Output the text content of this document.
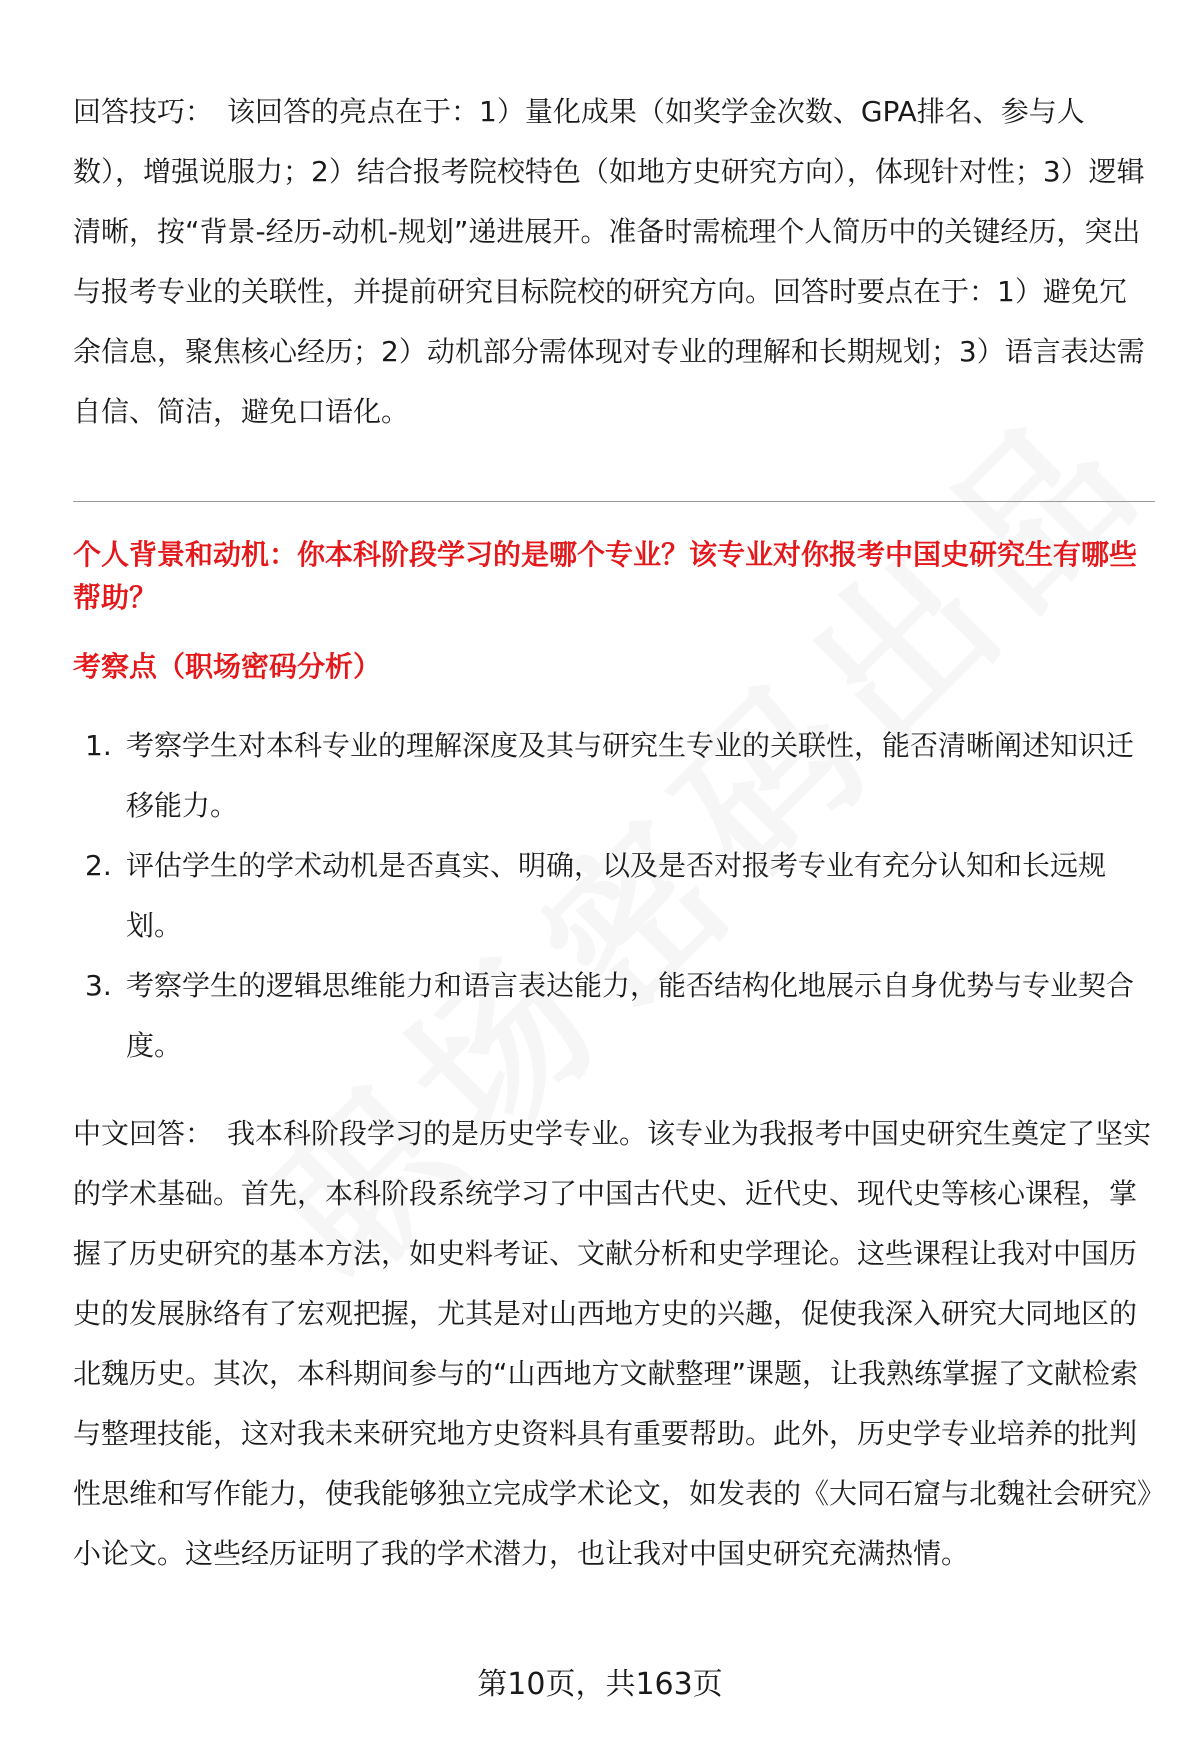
回答技巧： 该回答的亮点在于：1）量化成果（如奖学金次数、GPA排名、参与人数），增强说服力；2）结合报考院校特色（如地方史研究方向），体现针对性；3）逻辑清晰，按“背景-经历-动机-规划”递进展开。准备时需梳理个人简历中的关键经历，突出与报考专业的关联性，并提前研究目标院校的研究方向。回答时要点在于：1）避免冗余信息，聚焦核心经历；2）动机部分需体现对专业的理解和长期规划；3）语言表达需自信、简洁，避免口语化。

个人背景和动机：你本科阶段学习的是哪个专业？该专业对你报考中国史研究生有哪些帮助？

考察点（职场密码分析）

1. 考察学生对本科专业的理解深度及其与研究生专业的关联性，能否清晰阐述知识迁移能力。
2. 评估学生的学术动机是否真实、明确，以及是否对报考专业有充分认知和长远规划。
3. 考察学生的逻辑思维能力和语言表达能力，能否结构化地展示自身优势与专业契合度。

中文回答： 我本科阶段学习的是历史学专业。该专业为我报考中国史研究生奠定了坚实的学术基础。首先，本科阶段系统学习了中国古代史、近代史、现代史等核心课程，掌握了历史研究的基本方法，如史料考证、文献分析和史学理论。这些课程让我对中国历史的发展脉络有了宏观把握，尤其是对山西地方史的兴趣，促使我深入研究大同地区的北魏历史。其次，本科期间参与的“山西地方文献整理”课题，让我熟练掌握了文献检索与整理技能，这对我未来研究地方史资料具有重要帮助。此外，历史学专业培养的批判性思维和写作能力，使我能够独立完成学术论文，如发表的《大同石窟与北魏社会研究》小论文。这些经历证明了我的学术潜力，也让我对中国史研究充满热情。

第10页，共163页
